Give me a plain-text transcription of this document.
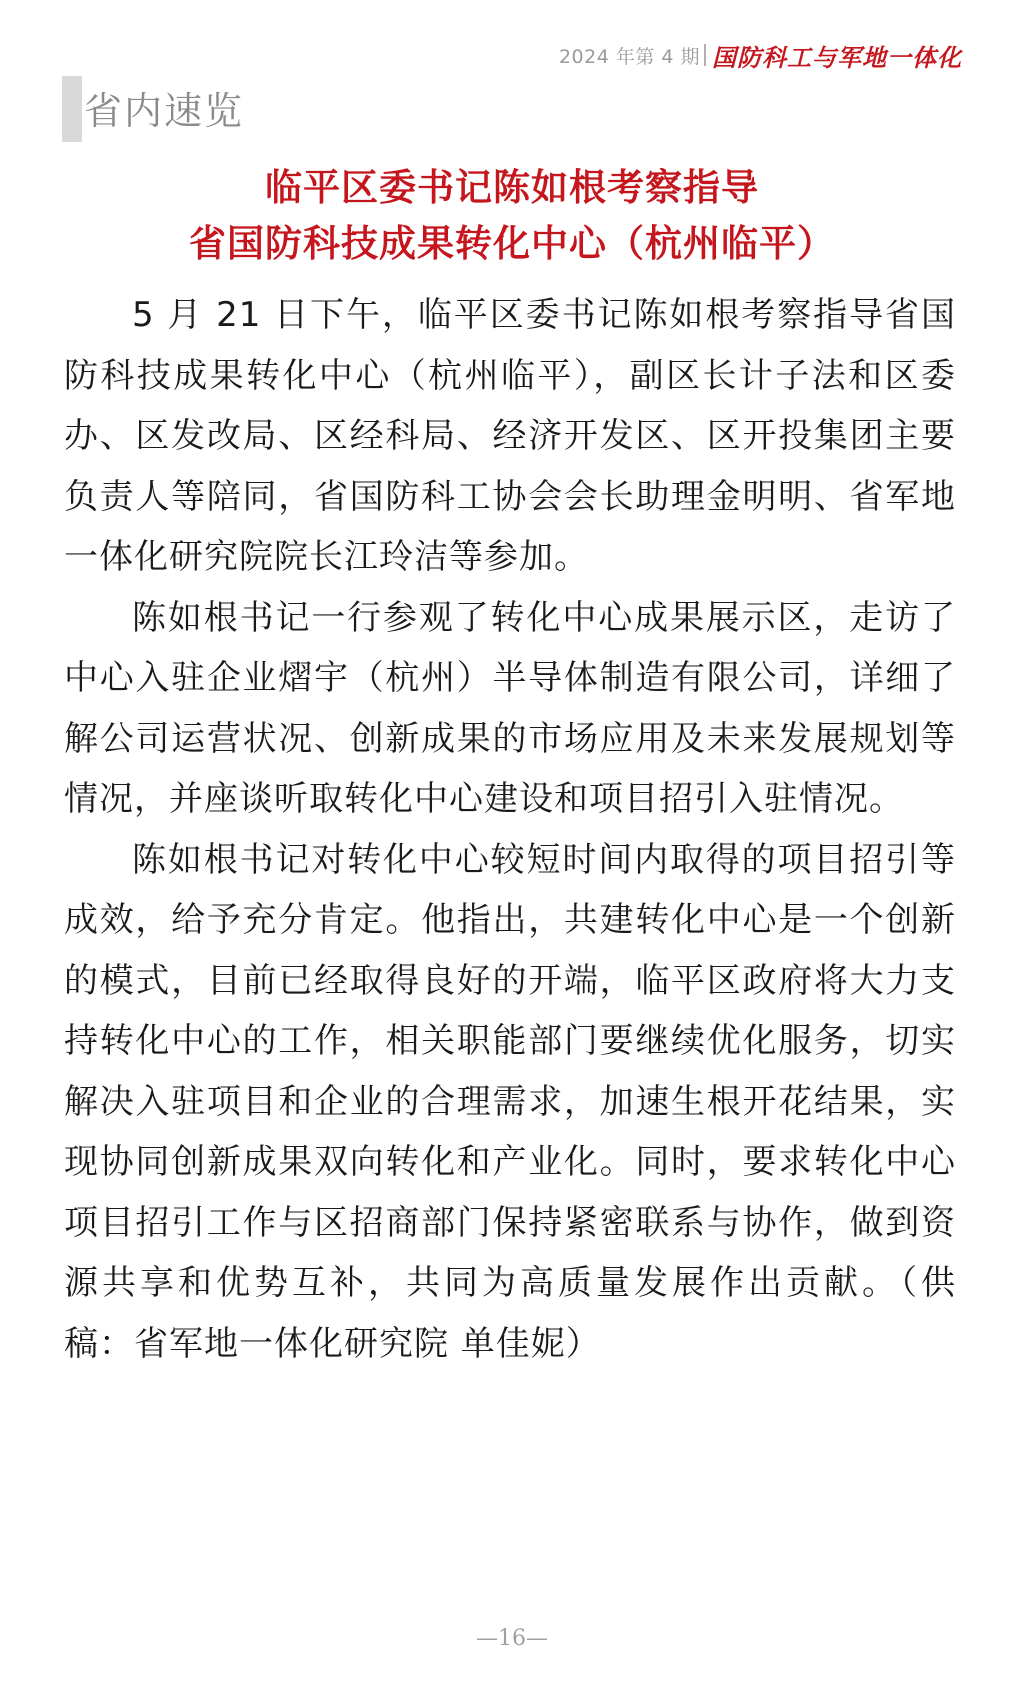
2024 年第 4 期 国防科工与军地一体化
省内速览
临平区委书记陈如根考察指导
省国防科技成果转化中心（杭州临平）

5 月 21 日下午，临平区委书记陈如根考察指导省国防科技成果转化中心（杭州临平），副区长计子法和区委办、区发改局、区经科局、经济开发区、区开投集团主要负责人等陪同，省国防科工协会会长助理金明明、省军地一体化研究院院长江玲洁等参加。

陈如根书记一行参观了转化中心成果展示区，走访了中心入驻企业熠宇（杭州）半导体制造有限公司，详细了解公司运营状况、创新成果的市场应用及未来发展规划等情况，并座谈听取转化中心建设和项目招引入驻情况。

陈如根书记对转化中心较短时间内取得的项目招引等成效，给予充分肯定。他指出，共建转化中心是一个创新的模式，目前已经取得良好的开端，临平区政府将大力支持转化中心的工作，相关职能部门要继续优化服务，切实解决入驻项目和企业的合理需求，加速生根开花结果，实现协同创新成果双向转化和产业化。同时，要求转化中心项目招引工作与区招商部门保持紧密联系与协作，做到资源共享和优势互补，共同为高质量发展作出贡献。（供稿：省军地一体化研究院 单佳妮）

—16—
